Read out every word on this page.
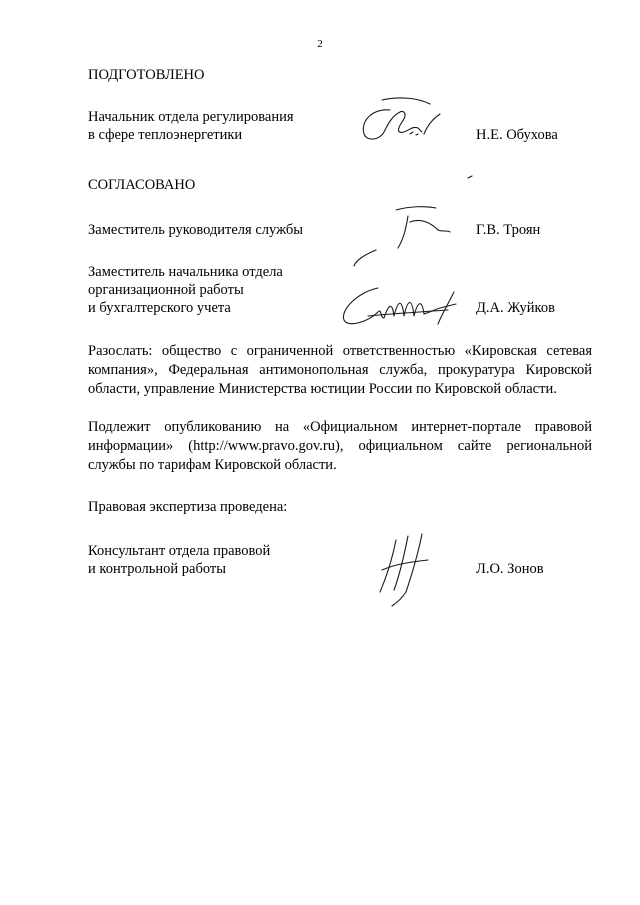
2
ПОДГОТОВЛЕНО
Начальник отдела регулирования
в сфере теплоэнергетики	Н.Е. Обухова
СОГЛАСОВАНО
Заместитель руководителя службы	Г.В. Троян
Заместитель начальника отдела
организационной работы
и бухгалтерского учета	Д.А. Жуйков
Разослать: общество с ограниченной ответственностью «Кировская сетевая компания», Федеральная антимонопольная служба, прокуратура Кировской области, управление Министерства юстиции России по Кировской области.
Подлежит опубликованию на «Официальном интернет-портале правовой информации» (http://www.pravo.gov.ru), официальном сайте региональной службы по тарифам Кировской области.
Правовая экспертиза проведена:
Консультант отдела правовой
и контрольной работы	Л.О. Зонов
